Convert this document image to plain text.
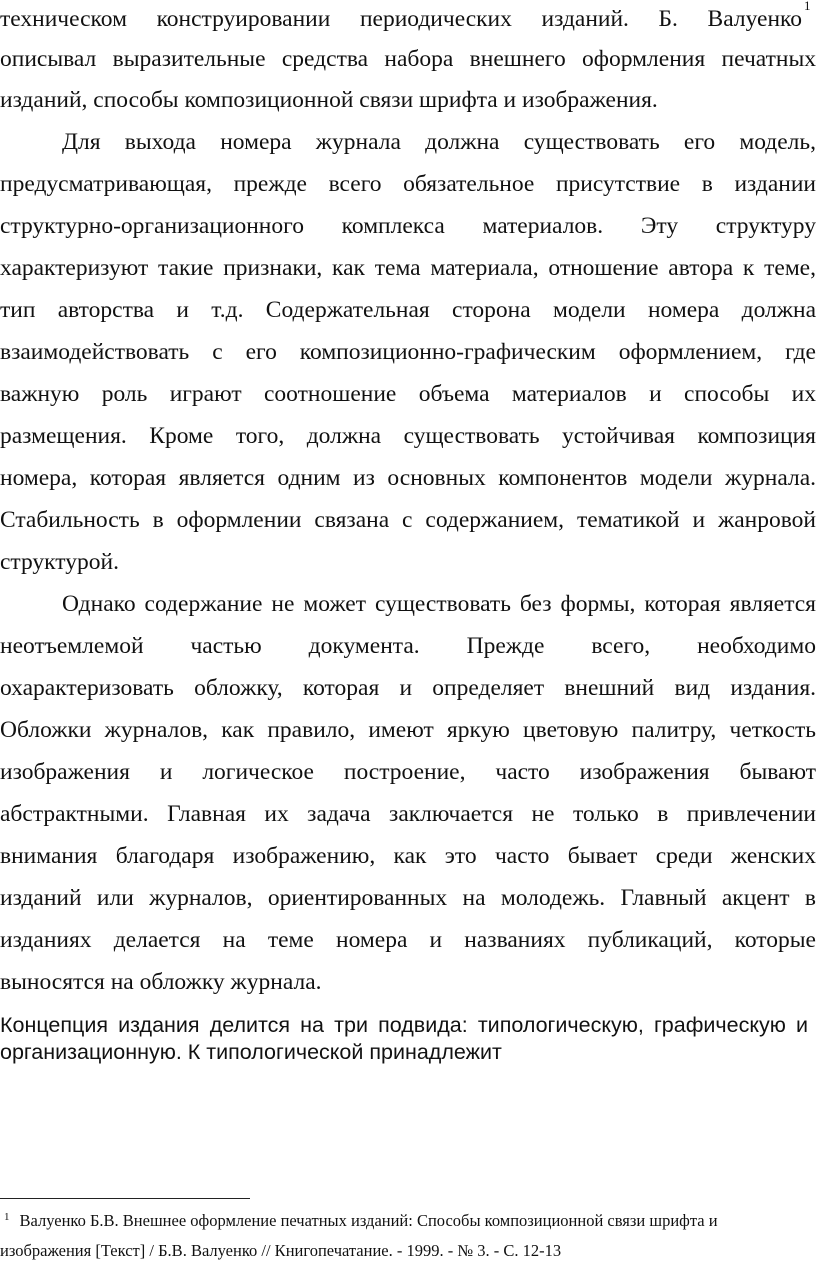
техническом конструировании периодических изданий. Б. Валуенко
1
описывал выразительные средства набора внешнего оформления печатных
изданий, способы композиционной связи шрифта и изображения.
Для выхода номера журнала должна существовать его модель,
предусматривающая, прежде всего обязательное присутствие в издании
структурно-организационного комплекса материалов. Эту структуру
характеризуют такие признаки, как тема материала, отношение автора к теме,
тип авторства и т.д. Содержательная сторона модели номера должна
взаимодействовать с его композиционно-графическим оформлением, где
важную роль играют соотношение объема материалов и способы их
размещения. Кроме того, должна существовать устойчивая композиция
номера, которая является одним из основных компонентов модели журнала.
Стабильность в оформлении связана с содержанием, тематикой и жанровой
структурой.
Однако содержание не может существовать без формы, которая является
неотъемлемой частью документа. Прежде всего, необходимо
охарактеризовать обложку, которая и определяет внешний вид издания.
Обложки журналов, как правило, имеют яркую цветовую палитру, четкость
изображения и логическое построение, часто изображения бывают
абстрактными. Главная их задача заключается не только в привлечении
внимания благодаря изображению, как это часто бывает среди женских
изданий или журналов, ориентированных на молодежь. Главный акцент в
изданиях делается на теме номера и названиях публикаций, которые
выносятся на обложку журнала.
Концепция издания делится на три подвида: типологическую, графическую и
организационную. К типологической принадлежит
$^1$ Валуенко Б.В. Внешнее оформление печатных изданий: Способы композиционной связи шрифта и
изображения [Текст] / Б.В. Валуенко // Книгопечатание. - 1999. - № 3. - С. 12-13
